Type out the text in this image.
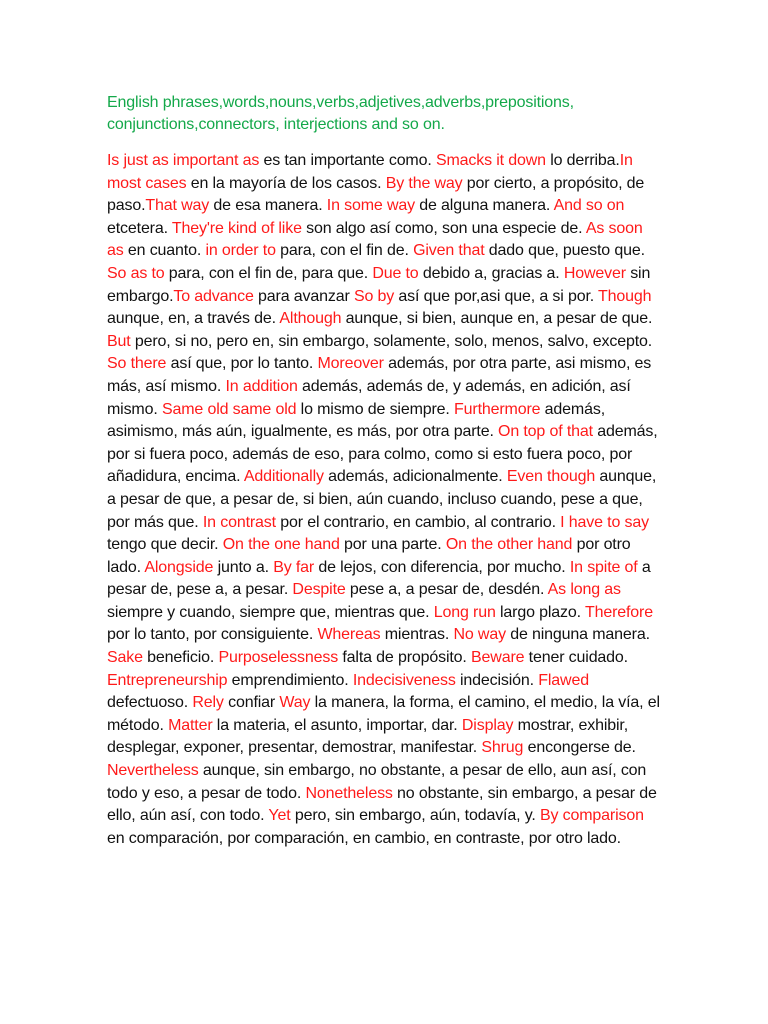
English phrases,words,nouns,verbs,adjetives,adverbs,prepositions, conjunctions,connectors, interjections and so on.

Is just as important as es tan importante como. Smacks it down lo derriba.In most cases en la mayoría de los casos. By the way por cierto, a propósito, de paso.That way de esa manera. In some way de alguna manera. And so on etcetera. They're kind of like son algo así como, son una especie de. As soon as en cuanto. in order to para, con el fin de. Given that dado que, puesto que. So as to para, con el fin de, para que. Due to debido a, gracias a. However sin embargo.To advance para avanzar So by así que por,asi que, a si por. Though aunque, en, a través de. Although aunque, si bien, aunque en, a pesar de que. But pero, si no, pero en, sin embargo, solamente, solo, menos, salvo, excepto. So there así que, por lo tanto. Moreover además, por otra parte, asi mismo, es más, así mismo. In addition además, además de, y además, en adición, así mismo. Same old same old lo mismo de siempre. Furthermore además, asimismo, más aún, igualmente, es más, por otra parte. On top of that además, por si fuera poco, además de eso, para colmo, como si esto fuera poco, por añadidura, encima. Additionally además, adicionalmente. Even though aunque, a pesar de que, a pesar de, si bien, aún cuando, incluso cuando, pese a que, por más que. In contrast por el contrario, en cambio, al contrario. I have to say tengo que decir. On the one hand por una parte. On the other hand por otro lado. Alongside junto a. By far de lejos, con diferencia, por mucho. In spite of a pesar de, pese a, a pesar. Despite pese a, a pesar de, desdén. As long as siempre y cuando, siempre que, mientras que. Long run largo plazo. Therefore por lo tanto, por consiguiente. Whereas mientras. No way de ninguna manera. Sake beneficio. Purposelessness falta de propósito. Beware tener cuidado. Entrepreneurship emprendimiento. Indecisiveness indecisión. Flawed defectuoso. Rely confiar Way la manera, la forma, el camino, el medio, la vía, el método. Matter la materia, el asunto, importar, dar. Display mostrar, exhibir, desplegar, exponer, presentar, demostrar, manifestar. Shrug encongerse de. Nevertheless aunque, sin embargo, no obstante, a pesar de ello, aun así, con todo y eso, a pesar de todo. Nonetheless no obstante, sin embargo, a pesar de ello, aún así, con todo. Yet pero, sin embargo, aún, todavía, y. By comparison en comparación, por comparación, en cambio, en contraste, por otro lado.
